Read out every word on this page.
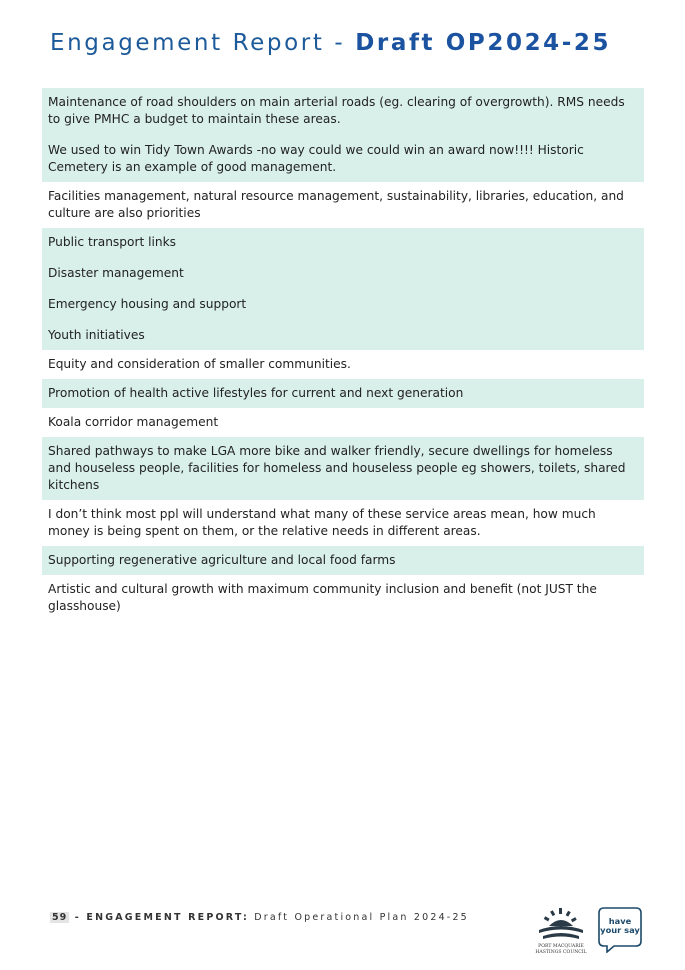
Engagement Report - Draft OP2024-25

Maintenance of road shoulders on main arterial roads (eg. clearing of overgrowth). RMS needs to give PMHC a budget to maintain these areas.

We used to win Tidy Town Awards -no way could we could win an award now!!!! Historic Cemetery is an example of good management.

Facilities management, natural resource management, sustainability, libraries, education, and culture are also priorities

Public transport links

Disaster management

Emergency housing and support

Youth initiatives

Equity and consideration of smaller communities.

Promotion of health active lifestyles for current and next generation

Koala corridor management

Shared pathways to make LGA more bike and walker friendly, secure dwellings for homeless and houseless people, facilities for homeless and houseless people eg showers, toilets, shared kitchens

I don’t think most ppl will understand what many of these service areas mean, how much money is being spent on them, or the relative needs in different areas.

Supporting regenerative agriculture and local food farms

Artistic and cultural growth with maximum community inclusion and benefit (not JUST the glasshouse)

59 - ENGAGEMENT REPORT: Draft Operational Plan 2024-25
PORT MACQUARIE
HASTINGS COUNCIL
have
your say
